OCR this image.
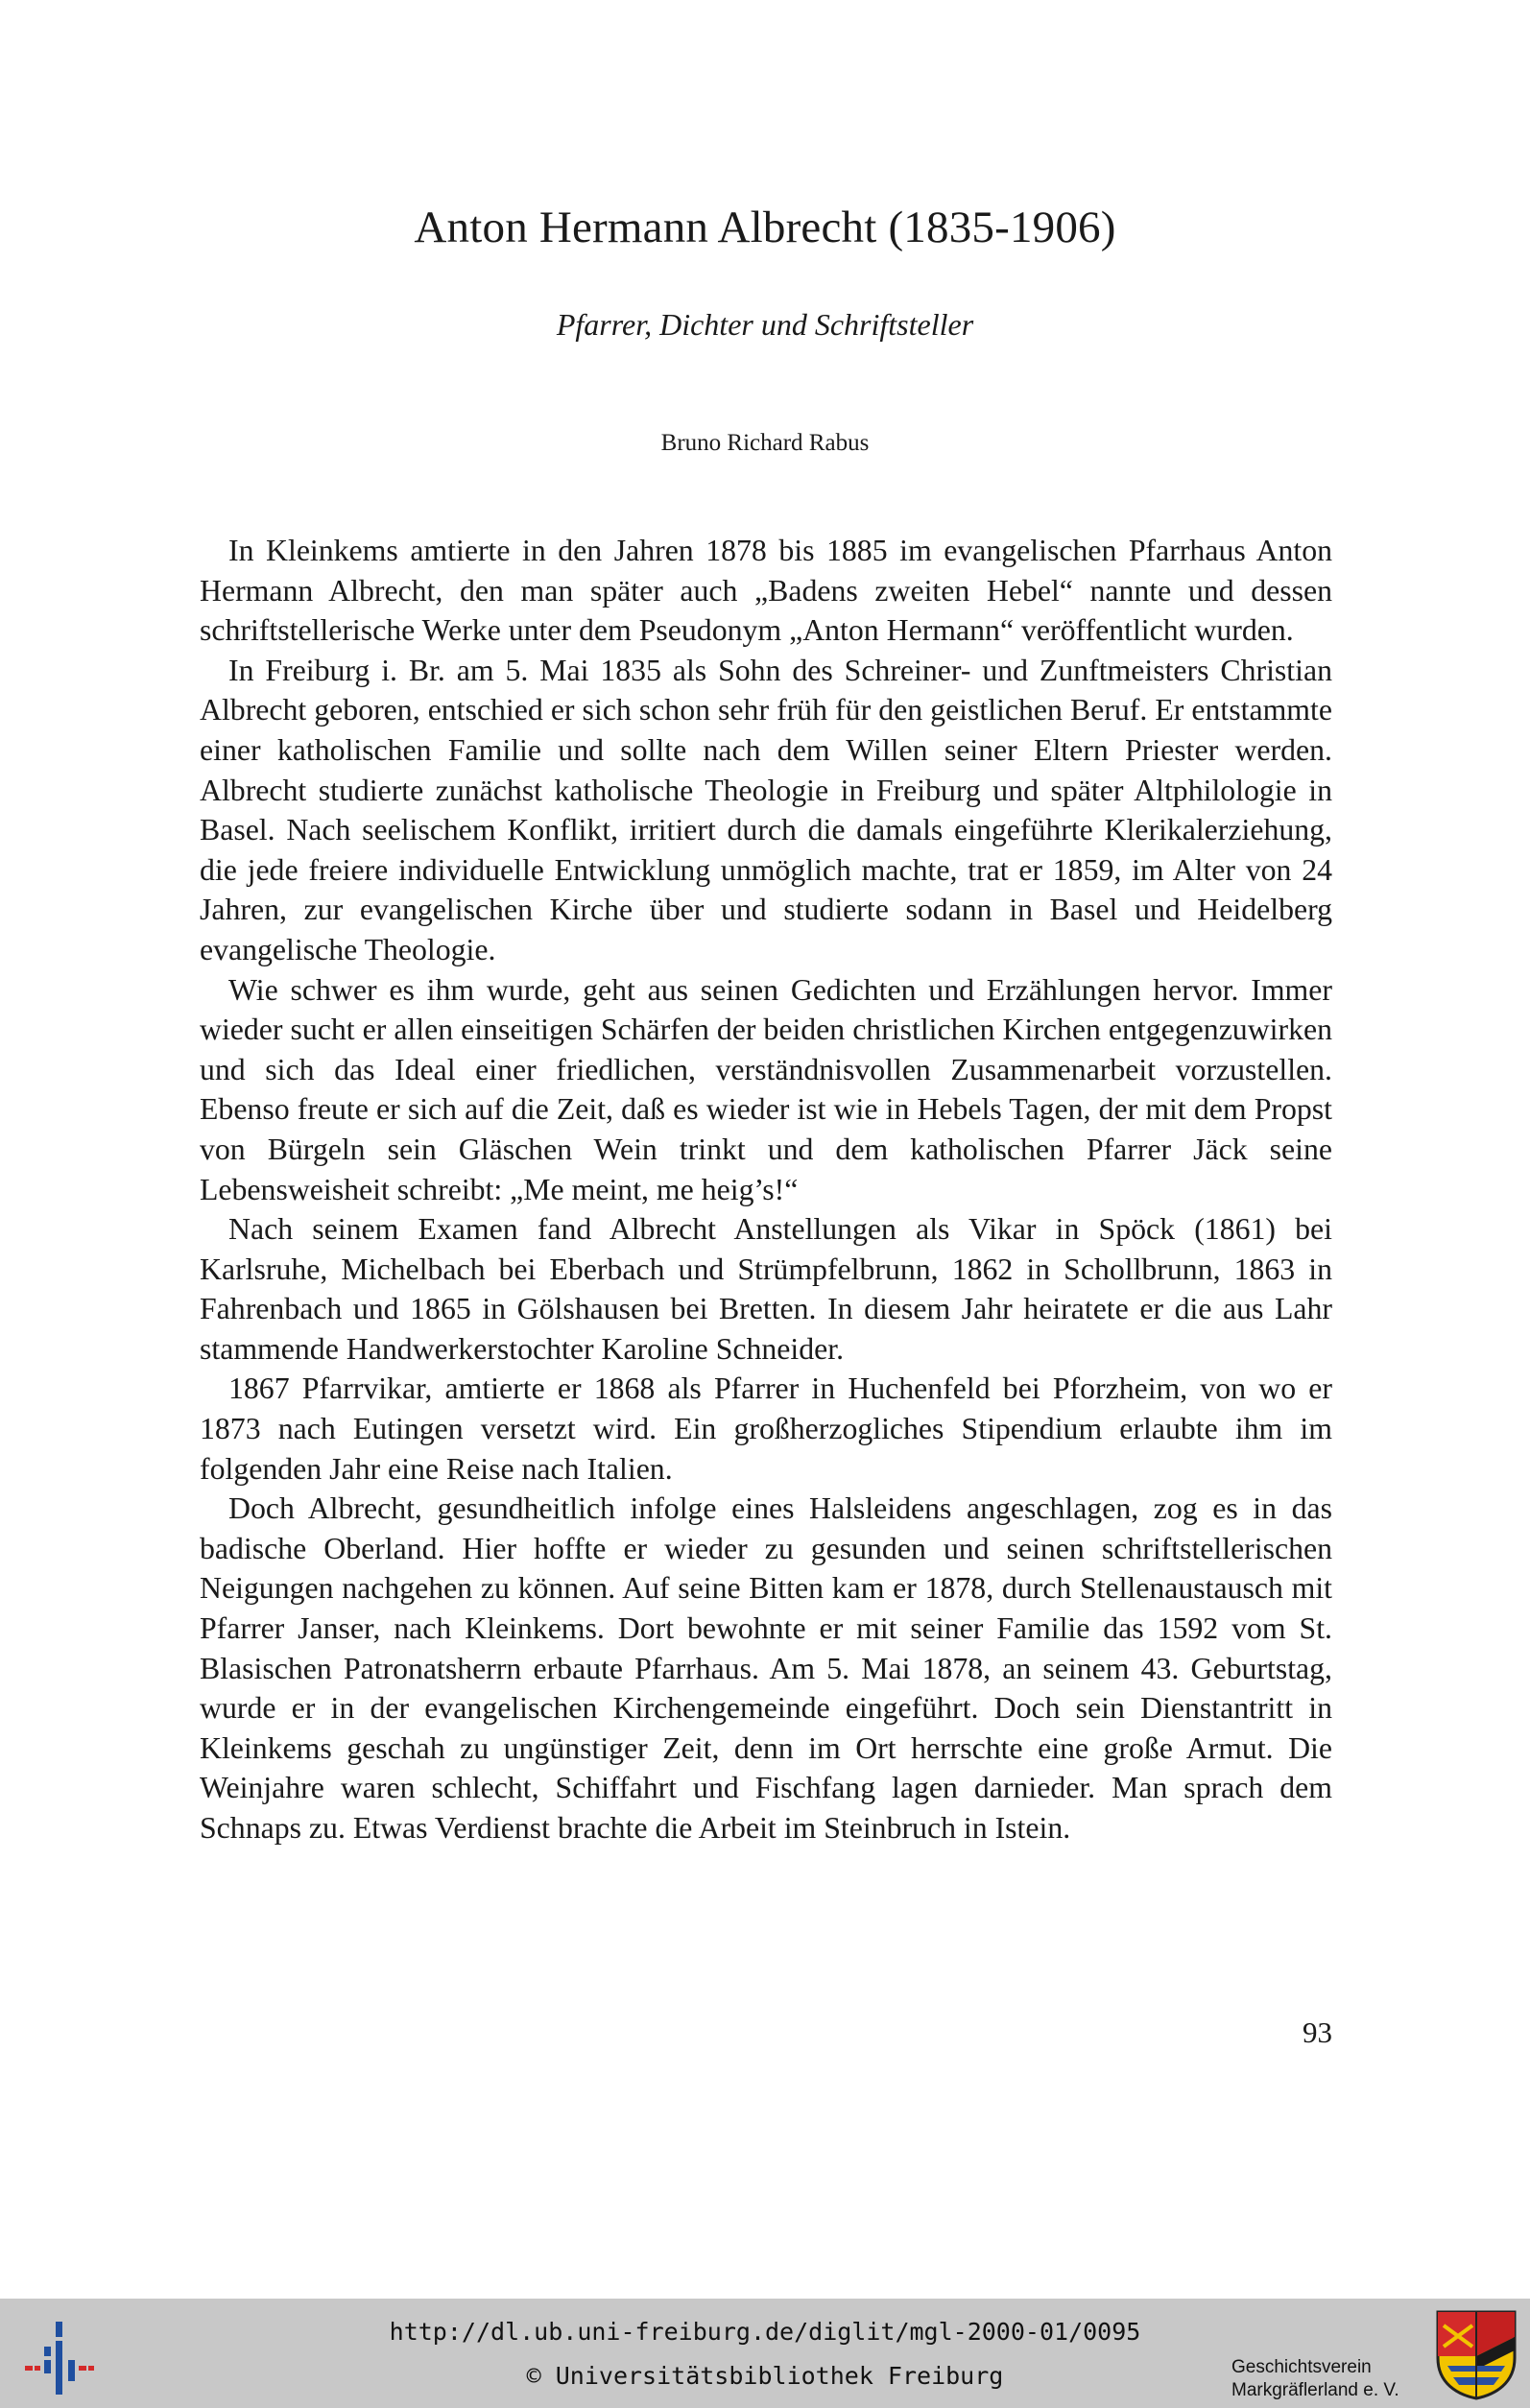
Anton Hermann Albrecht (1835-1906)
Pfarrer, Dichter und Schriftsteller
Bruno Richard Rabus

In Kleinkems amtierte in den Jahren 1878 bis 1885 im evangelischen Pfarrhaus Anton Hermann Albrecht, den man später auch „Badens zweiten Hebel“ nannte und dessen schriftstellerische Werke unter dem Pseudonym „Anton Hermann“ veröffentlicht wurden.

In Freiburg i. Br. am 5. Mai 1835 als Sohn des Schreiner- und Zunftmeisters Christian Albrecht geboren, entschied er sich schon sehr früh für den geistlichen Beruf. Er entstammte einer katholischen Familie und sollte nach dem Willen seiner Eltern Priester werden. Albrecht studierte zunächst katholische Theologie in Freiburg und später Altphilologie in Basel. Nach seelischem Konflikt, irritiert durch die damals eingeführte Klerikalerziehung, die jede freiere individuelle Entwicklung unmöglich machte, trat er 1859, im Alter von 24 Jahren, zur evangelischen Kirche über und studierte sodann in Basel und Heidelberg evangelische Theologie.

Wie schwer es ihm wurde, geht aus seinen Gedichten und Erzählungen hervor. Immer wieder sucht er allen einseitigen Schärfen der beiden christlichen Kirchen entgegenzuwirken und sich das Ideal einer friedlichen, verständnisvollen Zusammenarbeit vorzustellen. Ebenso freute er sich auf die Zeit, daß es wieder ist wie in Hebels Tagen, der mit dem Propst von Bürgeln sein Gläschen Wein trinkt und dem katholischen Pfarrer Jäck seine Lebensweisheit schreibt: „Me meint, me heig’s!“

Nach seinem Examen fand Albrecht Anstellungen als Vikar in Spöck (1861) bei Karlsruhe, Michelbach bei Eberbach und Strümpfelbrunn, 1862 in Schollbrunn, 1863 in Fahrenbach und 1865 in Gölshausen bei Bretten. In diesem Jahr heiratete er die aus Lahr stammende Handwerkerstochter Karoline Schneider.

1867 Pfarrvikar, amtierte er 1868 als Pfarrer in Huchenfeld bei Pforzheim, von wo er 1873 nach Eutingen versetzt wird. Ein großherzogliches Stipendium erlaubte ihm im folgenden Jahr eine Reise nach Italien.

Doch Albrecht, gesundheitlich infolge eines Halsleidens angeschlagen, zog es in das badische Oberland. Hier hoffte er wieder zu gesunden und seinen schriftstellerischen Neigungen nachgehen zu können. Auf seine Bitten kam er 1878, durch Stellenaustausch mit Pfarrer Janser, nach Kleinkems. Dort bewohnte er mit seiner Familie das 1592 vom St. Blasischen Patronatsherrn erbaute Pfarrhaus. Am 5. Mai 1878, an seinem 43. Geburtstag, wurde er in der evangelischen Kirchengemeinde eingeführt. Doch sein Dienstantritt in Kleinkems geschah zu ungünstiger Zeit, denn im Ort herrschte eine große Armut. Die Weinjahre waren schlecht, Schiffahrt und Fischfang lagen darnieder. Man sprach dem Schnaps zu. Etwas Verdienst brachte die Arbeit im Steinbruch in Istein.

93
http://dl.ub.uni-freiburg.de/diglit/mgl-2000-01/0095
© Universitätsbibliothek Freiburg	Geschichtsverein
Markgräflerland e. V.
